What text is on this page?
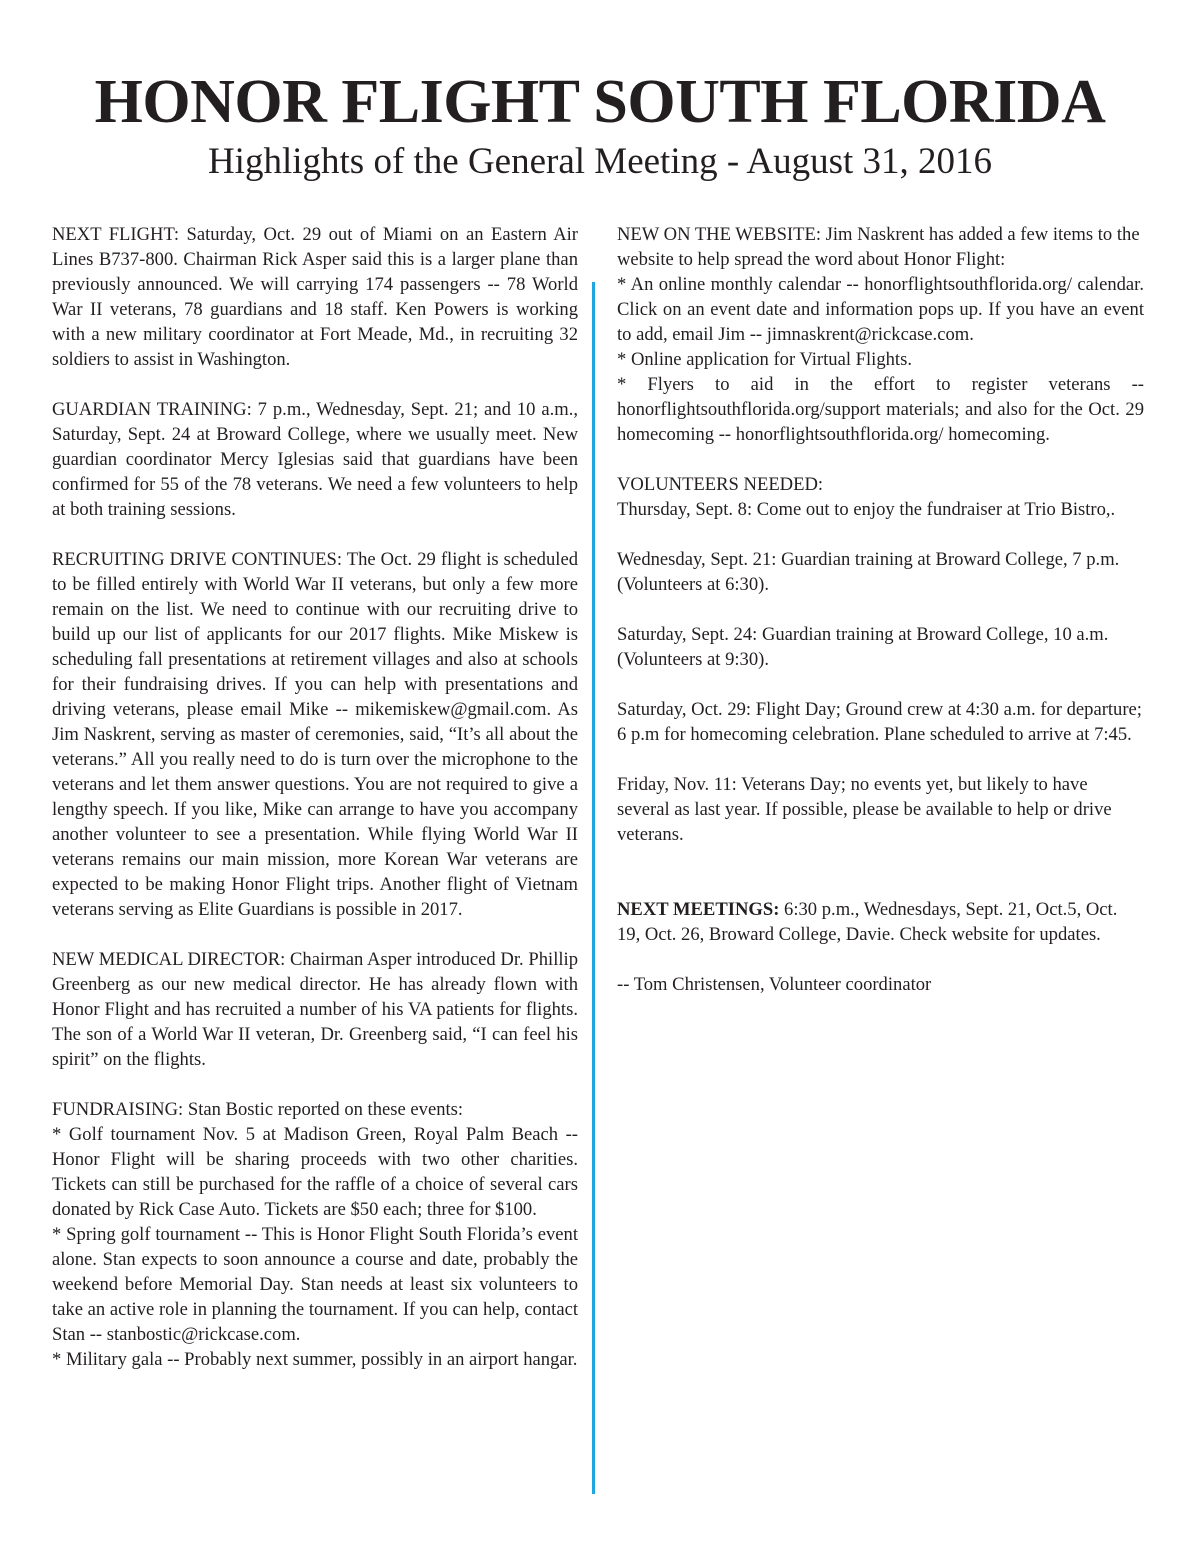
HONOR FLIGHT SOUTH FLORIDA
Highlights of the General Meeting - August 31, 2016

NEXT FLIGHT: Saturday, Oct. 29 out of Miami on an Eastern Air Lines B737-800. Chairman Rick Asper said this is a larger plane than previously announced. We will carrying 174 passengers -- 78 World War II veterans, 78 guardians and 18 staff. Ken Powers is working with a new military coordinator at Fort Meade, Md., in recruiting 32 soldiers to assist in Washington.

GUARDIAN TRAINING: 7 p.m., Wednesday, Sept. 21; and 10 a.m., Saturday, Sept. 24 at Broward College, where we usually meet. New guardian coordinator Mercy Iglesias said that guardians have been confirmed for 55 of the 78 veterans. We need a few volunteers to help at both training sessions.

RECRUITING DRIVE CONTINUES: The Oct. 29 flight is scheduled to be filled entirely with World War II veterans, but only a few more remain on the list. We need to continue with our recruiting drive to build up our list of applicants for our 2017 flights. Mike Miskew is scheduling fall presentations at retirement villages and also at schools for their fundraising drives. If you can help with presentations and driving veterans, please email Mike -- mikemiskew@gmail.com. As Jim Naskrent, serving as master of ceremonies, said, “It’s all about the veterans.” All you really need to do is turn over the microphone to the veterans and let them answer questions. You are not required to give a lengthy speech. If you like, Mike can arrange to have you accompany another volunteer to see a presentation. While flying World War II veterans remains our main mission, more Korean War veterans are expected to be making Honor Flight trips. Another flight of Vietnam veterans serving as Elite Guardians is possible in 2017.

NEW MEDICAL DIRECTOR: Chairman Asper introduced Dr. Phillip Greenberg as our new medical director. He has already flown with Honor Flight and has recruited a number of his VA patients for flights. The son of a World War II veteran, Dr. Greenberg said, “I can feel his spirit” on the flights.

FUNDRAISING: Stan Bostic reported on these events:

* Golf tournament Nov. 5 at Madison Green, Royal Palm Beach -- Honor Flight will be sharing proceeds with two other charities. Tickets can still be purchased for the raffle of a choice of several cars donated by Rick Case Auto. Tickets are $50 each; three for $100.

* Spring golf tournament -- This is Honor Flight South Florida’s event alone. Stan expects to soon announce a course and date, probably the weekend before Memorial Day. Stan needs at least six volunteers to take an active role in planning the tournament. If you can help, contact Stan -- stanbostic@rickcase.com.

* Military gala -- Probably next summer, possibly in an airport hangar.

NEW ON THE WEBSITE: Jim Naskrent has added a few items to the website to help spread the word about Honor Flight:

* An online monthly calendar -- honorflightsouthflorida.org/ calendar. Click on an event date and information pops up. If you have an event to add, email Jim -- jimnaskrent@rickcase.com.

* Online application for Virtual Flights.

* Flyers to aid in the effort to register veterans -- honorflightsouthflorida.org/support materials; and also for the Oct. 29 homecoming -- honorflightsouthflorida.org/ homecoming.

VOLUNTEERS NEEDED:

Thursday, Sept. 8: Come out to enjoy the fundraiser at Trio Bistro,.

Wednesday, Sept. 21: Guardian training at Broward College, 7 p.m. (Volunteers at 6:30).

Saturday, Sept. 24: Guardian training at Broward College, 10 a.m. (Volunteers at 9:30).

Saturday, Oct. 29: Flight Day; Ground crew at 4:30 a.m. for departure; 6 p.m for homecoming celebration. Plane scheduled to arrive at 7:45.

Friday, Nov. 11: Veterans Day; no events yet, but likely to have several as last year. If possible, please be available to help or drive veterans.

NEXT MEETINGS: 6:30 p.m., Wednesdays, Sept. 21, Oct.5, Oct. 19, Oct. 26, Broward College, Davie. Check website for updates.

-- Tom Christensen, Volunteer coordinator
